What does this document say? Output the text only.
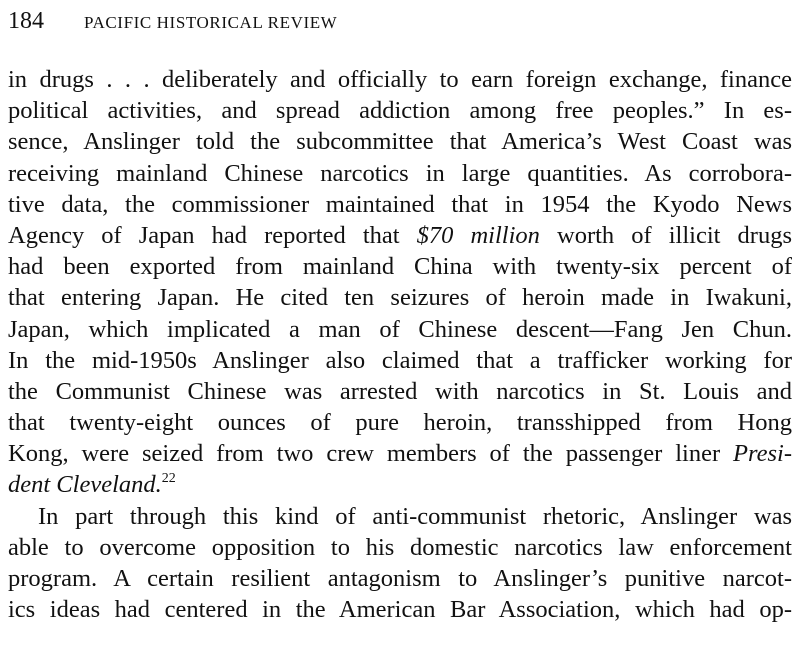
184 PACIFIC HISTORICAL REVIEW
in drugs . . . deliberately and officially to earn foreign exchange, finance
political activities, and spread addiction among free peoples.” In es-
sence, Anslinger told the subcommittee that America’s West Coast was
receiving mainland Chinese narcotics in large quantities. As corrobora-
tive data, the commissioner maintained that in 1954 the Kyodo News
Agency of Japan had reported that $70 million worth of illicit drugs
had been exported from mainland China with twenty-six percent of
that entering Japan. He cited ten seizures of heroin made in Iwakuni,
Japan, which implicated a man of Chinese descent—Fang Jen Chun.
In the mid-1950s Anslinger also claimed that a trafficker working for
the Communist Chinese was arrested with narcotics in St. Louis and
that twenty-eight ounces of pure heroin, transshipped from Hong
Kong, were seized from two crew members of the passenger liner Presi-
dent Cleveland.$^{22}$
In part through this kind of anti-communist rhetoric, Anslinger was
able to overcome opposition to his domestic narcotics law enforcement
program. A certain resilient antagonism to Anslinger’s punitive narcot-
ics ideas had centered in the American Bar Association, which had op-
